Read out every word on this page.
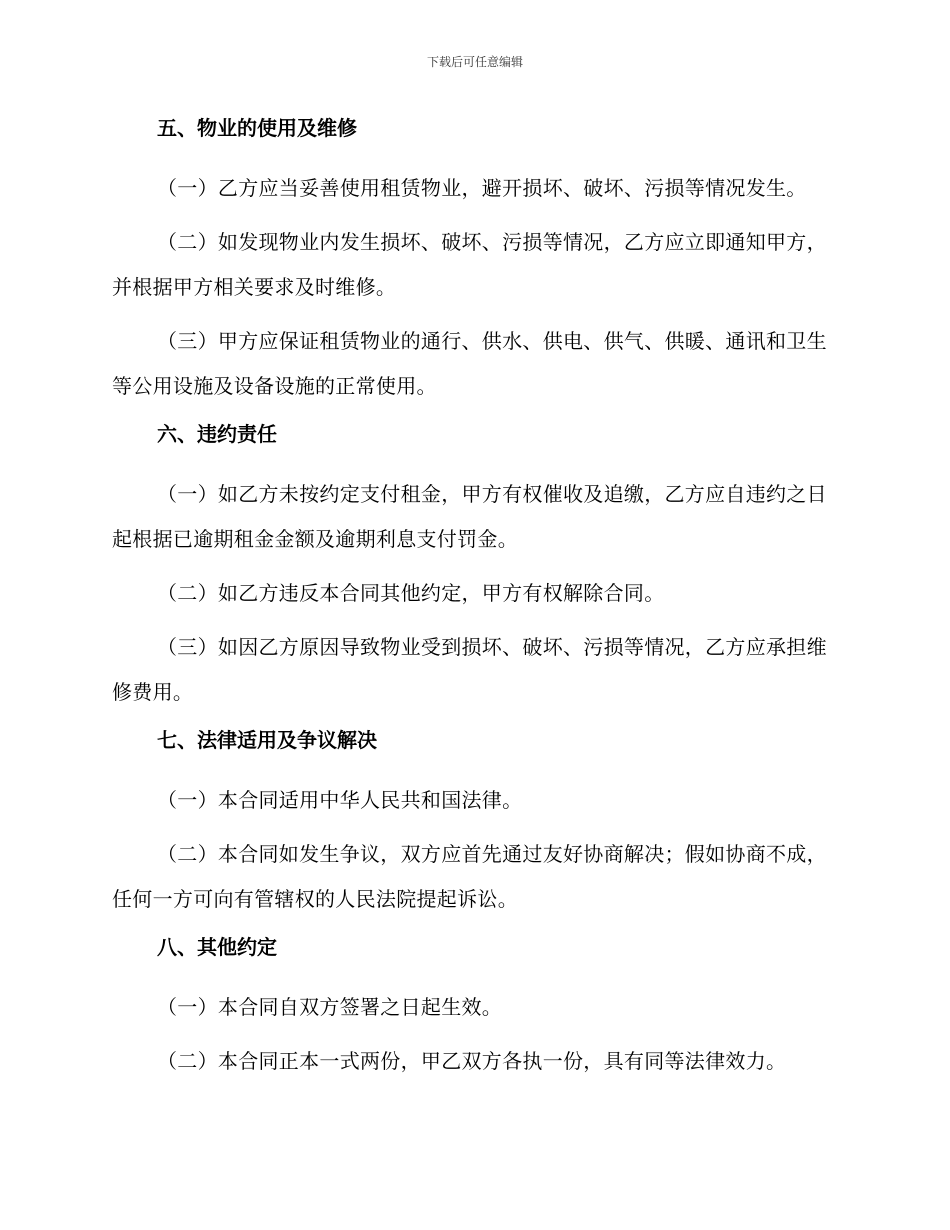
下载后可任意编辑
五、物业的使用及维修

（一）乙方应当妥善使用租赁物业，避开损坏、破坏、污损等情况发生。

（二）如发现物业内发生损坏、破坏、污损等情况，乙方应立即通知甲方，并根据甲方相关要求及时维修。

（三）甲方应保证租赁物业的通行、供水、供电、供气、供暖、通讯和卫生等公用设施及设备设施的正常使用。

六、违约责任

（一）如乙方未按约定支付租金，甲方有权催收及追缴，乙方应自违约之日起根据已逾期租金金额及逾期利息支付罚金。

（二）如乙方违反本合同其他约定，甲方有权解除合同。

（三）如因乙方原因导致物业受到损坏、破坏、污损等情况，乙方应承担维修费用。

七、法律适用及争议解决

（一）本合同适用中华人民共和国法律。

（二）本合同如发生争议，双方应首先通过友好协商解决；假如协商不成，任何一方可向有管辖权的人民法院提起诉讼。

八、其他约定

（一）本合同自双方签署之日起生效。

（二）本合同正本一式两份，甲乙双方各执一份，具有同等法律效力。
